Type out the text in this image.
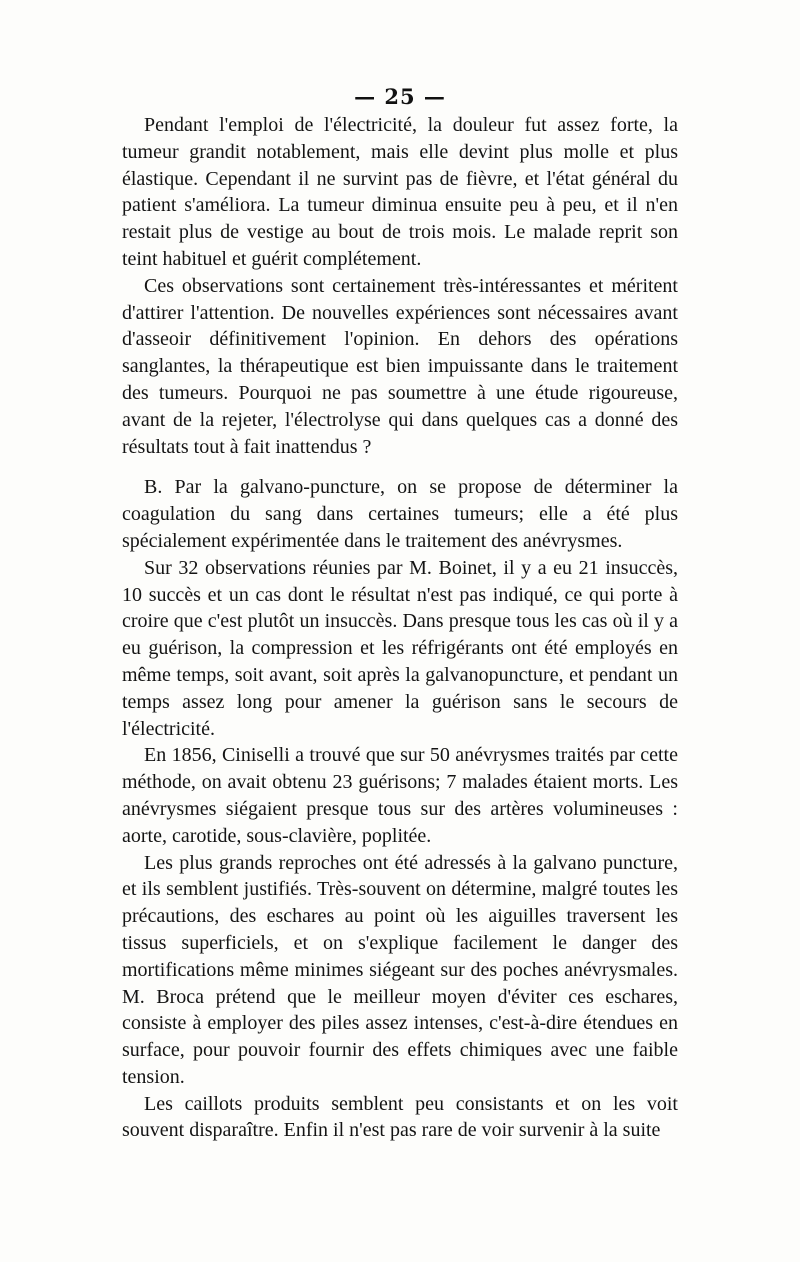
— 25 —

Pendant l'emploi de l'électricité, la douleur fut assez forte, la tumeur grandit notablement, mais elle devint plus molle et plus élastique. Cependant il ne survint pas de fièvre, et l'état général du patient s'améliora. La tumeur diminua ensuite peu à peu, et il n'en restait plus de vestige au bout de trois mois. Le malade reprit son teint habituel et guérit complétement.

Ces observations sont certainement très-intéressantes et méritent d'attirer l'attention. De nouvelles expériences sont nécessaires avant d'asseoir définitivement l'opinion. En dehors des opérations sanglantes, la thérapeutique est bien impuissante dans le traitement des tumeurs. Pourquoi ne pas soumettre à une étude rigoureuse, avant de la rejeter, l'électrolyse qui dans quelques cas a donné des résultats tout à fait inattendus ?

B. Par la galvano-puncture, on se propose de déterminer la coagulation du sang dans certaines tumeurs; elle a été plus spécialement expérimentée dans le traitement des anévrysmes.

Sur 32 observations réunies par M. Boinet, il y a eu 21 insuccès, 10 succès et un cas dont le résultat n'est pas indiqué, ce qui porte à croire que c'est plutôt un insuccès. Dans presque tous les cas où il y a eu guérison, la compression et les réfrigérants ont été employés en même temps, soit avant, soit après la galvanopuncture, et pendant un temps assez long pour amener la guérison sans le secours de l'électricité.

En 1856, Ciniselli a trouvé que sur 50 anévrysmes traités par cette méthode, on avait obtenu 23 guérisons; 7 malades étaient morts. Les anévrysmes siégaient presque tous sur des artères volumineuses : aorte, carotide, sous-clavière, poplitée.

Les plus grands reproches ont été adressés à la galvano puncture, et ils semblent justifiés. Très-souvent on détermine, malgré toutes les précautions, des eschares au point où les aiguilles traversent les tissus superficiels, et on s'explique facilement le danger des mortifications même minimes siégeant sur des poches anévrysmales. M. Broca prétend que le meilleur moyen d'éviter ces eschares, consiste à employer des piles assez intenses, c'est-à-dire étendues en surface, pour pouvoir fournir des effets chimiques avec une faible tension.

Les caillots produits semblent peu consistants et on les voit souvent disparaître. Enfin il n'est pas rare de voir survenir à la suite
